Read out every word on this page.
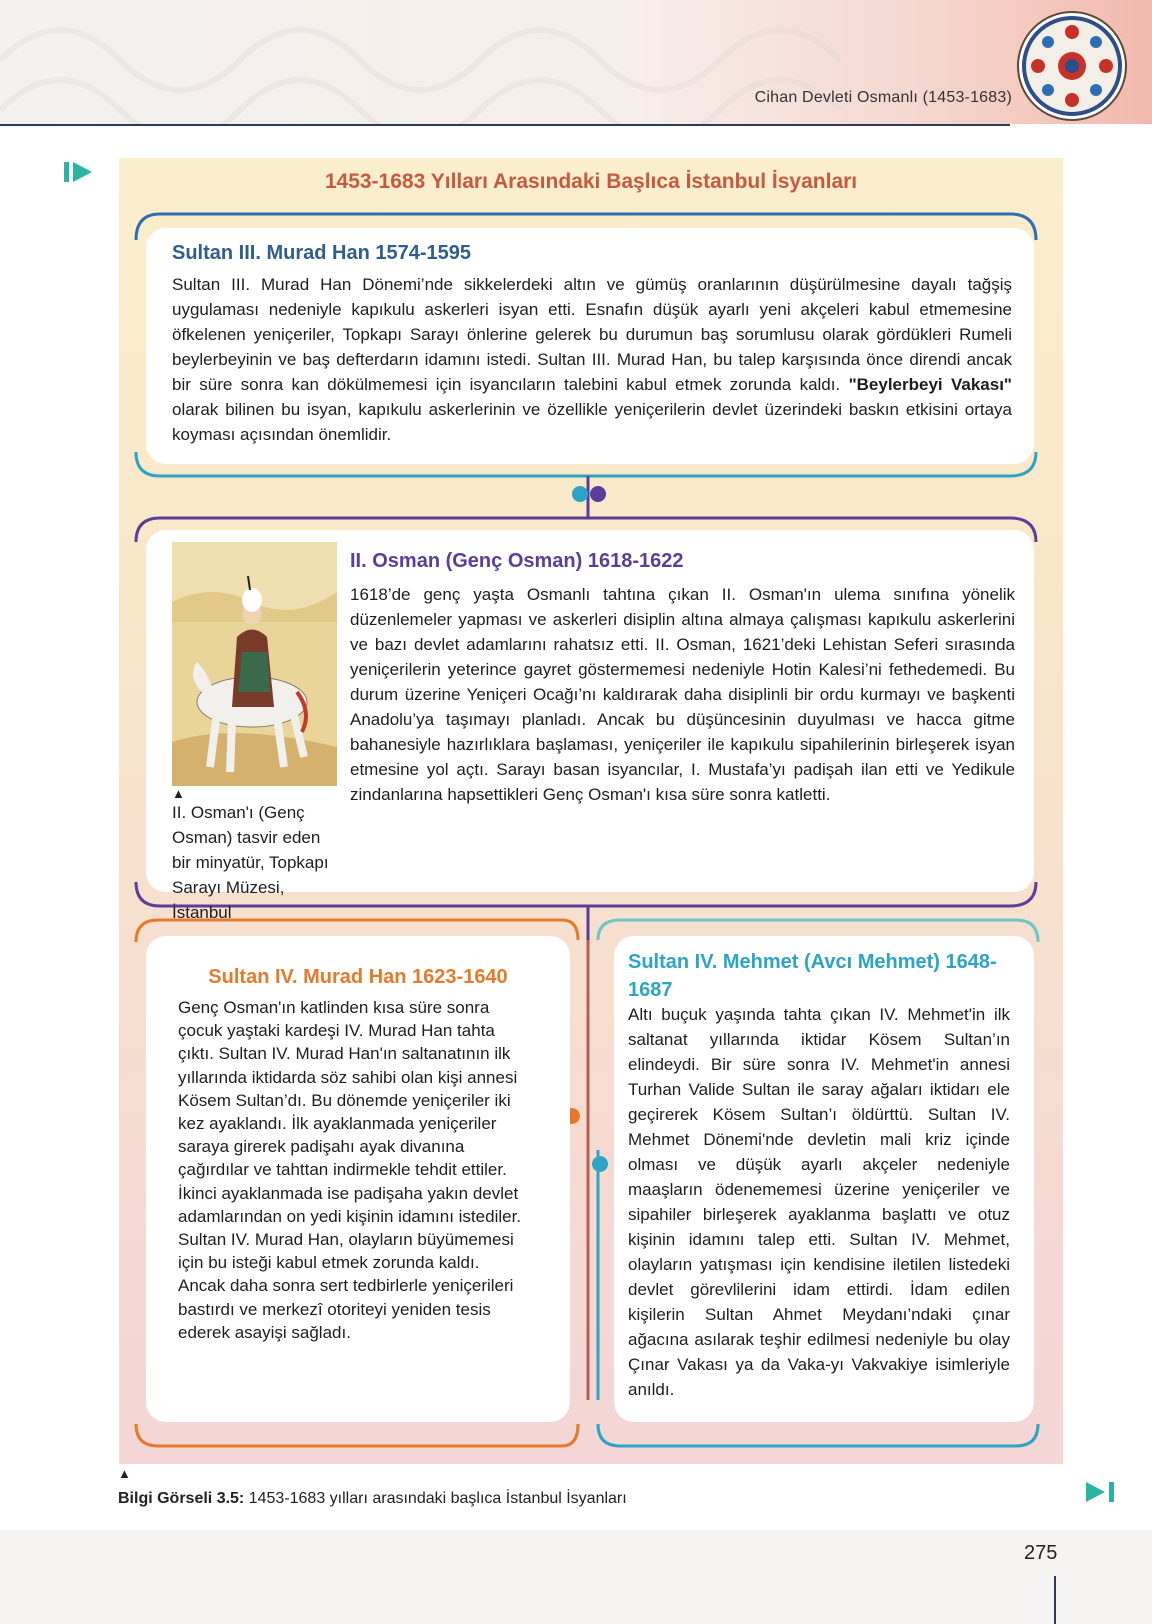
Cihan Devleti Osmanlı (1453-1683)
1453-1683 Yılları Arasındaki Başlıca İstanbul İsyanları
Sultan III. Murad Han 1574-1595

Sultan III. Murad Han Dönemi’nde sikkelerdeki altın ve gümüş oranlarının düşürülmesine dayalı tağşiş uygulaması nedeniyle kapıkulu askerleri isyan etti. Esnafın düşük ayarlı yeni akçeleri kabul etmemesine öfkelenen yeniçeriler, Topkapı Sarayı önlerine gelerek bu durumun baş sorumlusu olarak gördükleri Rumeli beylerbeyinin ve baş defterdarın idamını istedi. Sultan III. Murad Han, bu talep karşısında önce direndi ancak bir süre sonra kan dökülmemesi için isyancıların talebini kabul etmek zorunda kaldı. "Beylerbeyi Vakası" olarak bilinen bu isyan, kapıkulu askerlerinin ve özellikle yeniçerilerin devlet üzerindeki baskın etkisini ortaya koyması açısından önemlidir.

▲

II. Osman'ı (Genç Osman) tasvir eden bir minyatür, Topkapı Sarayı Müzesi, İstanbul

II. Osman (Genç Osman) 1618-1622

1618’de genç yaşta Osmanlı tahtına çıkan II. Osman'ın ulema sınıfına yönelik düzenlemeler yapması ve askerleri disiplin altına almaya çalışması kapıkulu askerlerini ve bazı devlet adamlarını rahatsız etti. II. Osman, 1621’deki Lehistan Seferi sırasında yeniçerilerin yeterince gayret göstermemesi nedeniyle Hotin Kalesi’ni fethedemedi. Bu durum üzerine Yeniçeri Ocağı’nı kaldırarak daha disiplinli bir ordu kurmayı ve başkenti Anadolu’ya taşımayı planladı. Ancak bu düşüncesinin duyulması ve hacca gitme bahanesiyle hazırlıklara başlaması, yeniçeriler ile kapıkulu sipahilerinin birleşerek isyan etmesine yol açtı. Sarayı basan isyancılar, I. Mustafa’yı padişah ilan etti ve Yedikule zindanlarına hapsettikleri Genç Osman'ı kısa süre sonra katletti.

Sultan IV. Murad Han 1623-1640

Genç Osman'ın katlinden kısa süre sonra çocuk yaştaki kardeşi IV. Murad Han tahta çıktı. Sultan IV. Murad Han'ın saltanatının ilk yıllarında iktidarda söz sahibi olan kişi annesi Kösem Sultan’dı. Bu dönemde yeniçeriler iki kez ayaklandı. İlk ayaklanmada yeniçeriler saraya girerek padişahı ayak divanına çağırdılar ve tahttan indirmekle tehdit ettiler. İkinci ayaklanmada ise padişaha yakın devlet adamlarından on yedi kişinin idamını istediler. Sultan IV. Murad Han, olayların büyümemesi için bu isteği kabul etmek zorunda kaldı. Ancak daha sonra sert tedbirlerle yeniçerileri bastırdı ve merkezî otoriteyi yeniden tesis ederek asayişi sağladı.

Sultan IV. Mehmet (Avcı Mehmet) 1648-1687

Altı buçuk yaşında tahta çıkan IV. Mehmet'in ilk saltanat yıllarında iktidar Kösem Sultan’ın elindeydi. Bir süre sonra IV. Mehmet'in annesi Turhan Valide Sultan ile saray ağaları iktidarı ele geçirerek Kösem Sultan’ı öldürttü. Sultan IV. Mehmet Dönemi'nde devletin mali kriz içinde olması ve düşük ayarlı akçeler nedeniyle maaşların ödenememesi üzerine yeniçeriler ve sipahiler birleşerek ayaklanma başlattı ve otuz kişinin idamını talep etti. Sultan IV. Mehmet, olayların yatışması için kendisine iletilen listedeki devlet görevlilerini idam ettirdi. İdam edilen kişilerin Sultan Ahmet Meydanı’ndaki çınar ağacına asılarak teşhir edilmesi nedeniyle bu olay Çınar Vakası ya da Vaka-yı Vakvakiye isimleriyle anıldı.

▲
Bilgi Görseli 3.5: 1453-1683 yılları arasındaki başlıca İstanbul İsyanları
275
